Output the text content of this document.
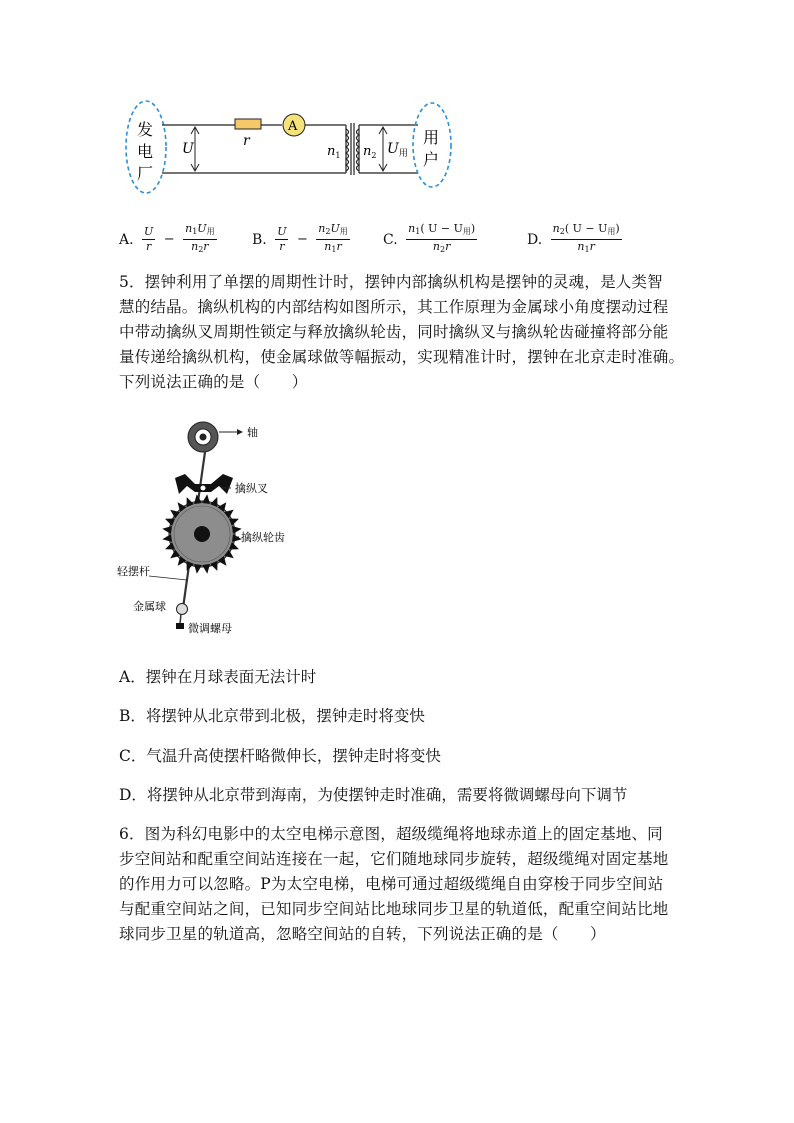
发
电
厂
A
U	r
$n_1$ $n_2$ $U_用$
用
户
A. $\frac{U}{r} - \frac{n_1U_用}{n_2r}$	B. $\frac{U}{r} - \frac{n_2U_用}{n_1r} C$. $\frac{n_1( U - U_用)}{n_2r}$	D. $\frac{n_2( U - U_用)}{n_1r}$
5．摆钟利用了单摆的周期性计时，摆钟内部擒纵机构是摆钟的灵魂，是人类智
慧的结晶。擒纵机构的内部结构如图所示，其工作原理为金属球小角度摆动过程
中带动擒纵叉周期性锁定与释放擒纵轮齿，同时擒纵叉与擒纵轮齿碰撞将部分能
量传递给擒纵机构，使金属球做等幅振动，实现精准计时，摆钟在北京走时准确。
下列说法正确的是（　　）
轴
擒纵叉
擒纵轮齿
轻摆杆
金属球
微调螺母
A．摆钟在月球表面无法计时
B．将摆钟从北京带到北极，摆钟走时将变快
C．气温升高使摆杆略微伸长，摆钟走时将变快
D．将摆钟从北京带到海南，为使摆钟走时准确，需要将微调螺母向下调节
6．图为科幻电影中的太空电梯示意图，超级缆绳将地球赤道上的固定基地、同
步空间站和配重空间站连接在一起，它们随地球同步旋转，超级缆绳对固定基地
的作用力可以忽略。P为太空电梯，电梯可通过超级缆绳自由穿梭于同步空间站
与配重空间站之间，已知同步空间站比地球同步卫星的轨道低，配重空间站比地
球同步卫星的轨道高，忽略空间站的自转，下列说法正确的是（　　）
